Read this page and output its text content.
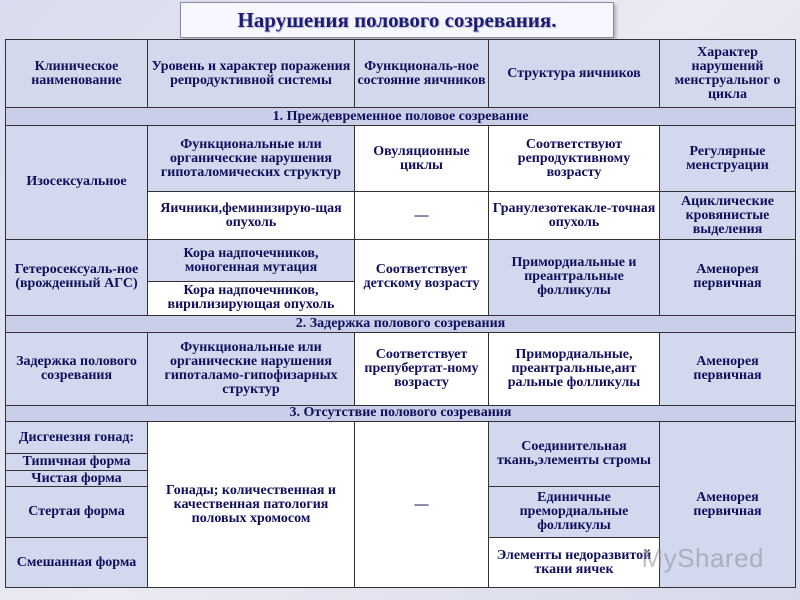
Нарушения полового созревания.
Клиническое наименование	Уровень и характер поражения репродуктивной системы	Функциональ-ное состояние яичников	Структура яичников	Характер нарушений менструальног о цикла
1. Преждевременное половое созревание				
Изосексуальное	Функциональные или органические нарушения гипоталомических структур	Овуляционные циклы	Соответствуют репродуктивному возрасту	Регулярные менструации
	Яичники,феминизирую-щая опухоль	—	Гранулезотекакле-точная опухоль	Ациклические кровянистые выделения
Гетеросексуаль-ное (врожденный АГС)	Кора надпочечников, моногенная мутация	Соответствует детскому возрасту	Примордиальные и преантральные фолликулы	Аменорея первичная
	Кора надпочечников, вирилизирующая опухоль			
2. Задержка полового созревания				
Задержка полового созревания	Функциональные или органические нарушения гипоталамо-гипофизарных структур	Соответствует препубертат-ному возрасту	Примордиальные, преантральные,ант ральные фолликулы	Аменорея первичная
3. Отсутствие полового созревания				
Дисгенезия гонад:	Гонады; количественная и качественная патология половых хромосом	—	Соединительная ткань,элементы стромы	Аменорея первичная
Типичная форма				
Чистая форма				
Стертая форма			Единичные премордиальные фолликулы	
Смешанная форма			Элементы недоразвитой ткани яичек	MyShared
